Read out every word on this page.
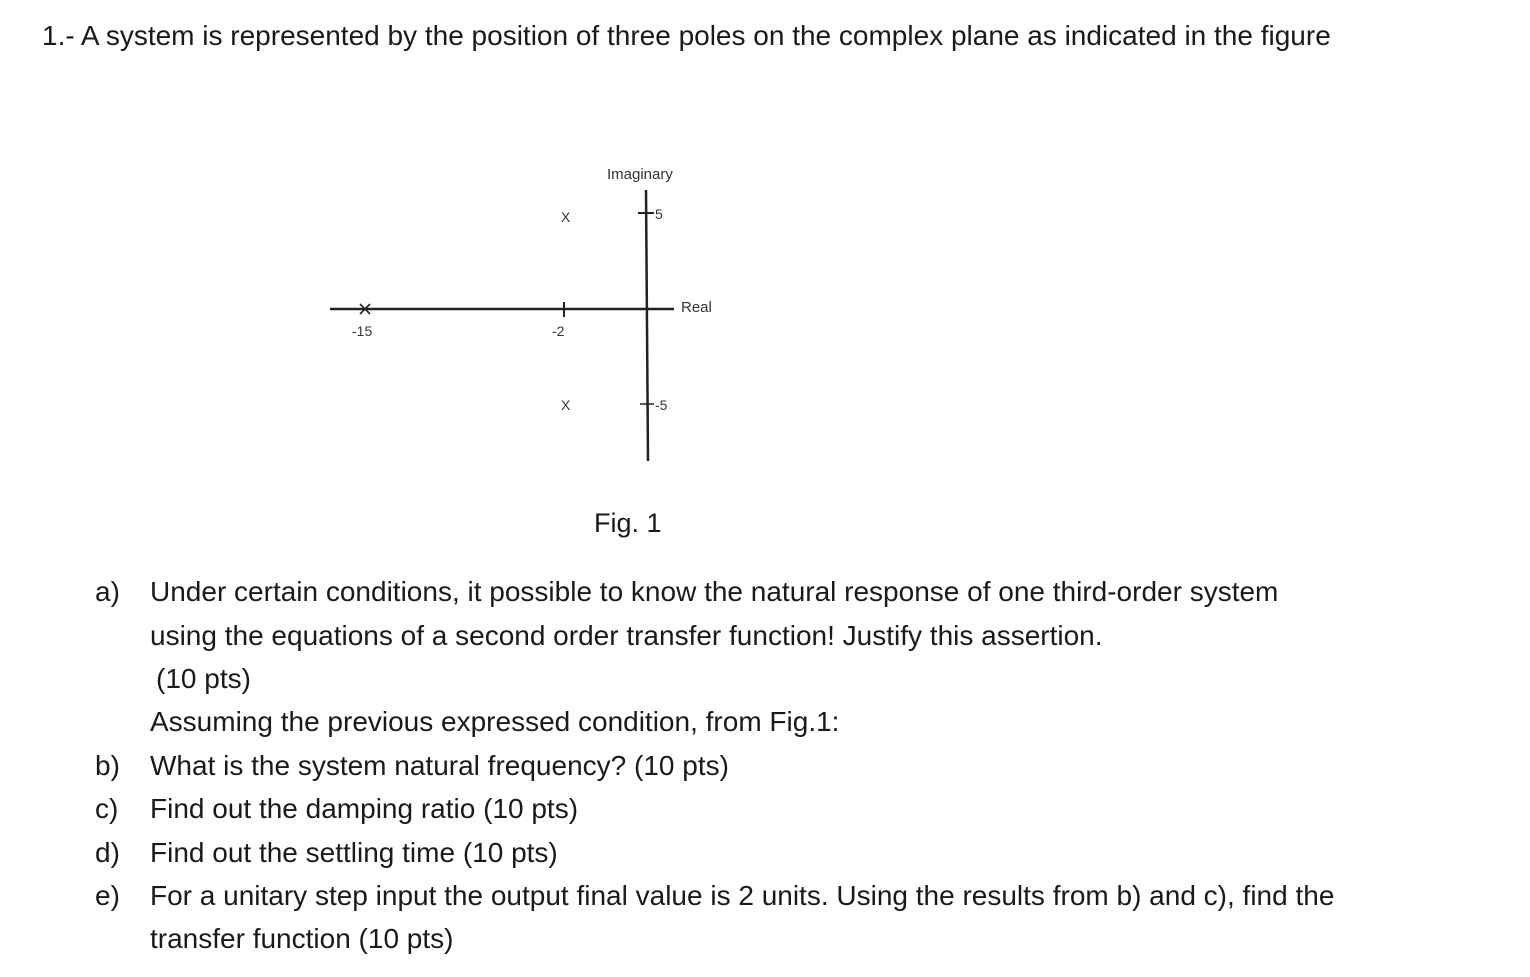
1.- A system is represented by the position of three poles on the complex plane as indicated in the figure
Imaginary
Real
5
-5
-15	-2
X
X
Fig. 1
a) Under certain conditions, it possible to know the natural response of one third-order system
using the equations of a second order transfer function! Justify this assertion.
(10 pts)
Assuming the previous expressed condition, from Fig.1:
b) What is the system natural frequency? (10 pts)
c) Find out the damping ratio (10 pts)
d) Find out the settling time (10 pts)
e) For a unitary step input the output final value is 2 units. Using the results from b) and c), find the
transfer function (10 pts)
